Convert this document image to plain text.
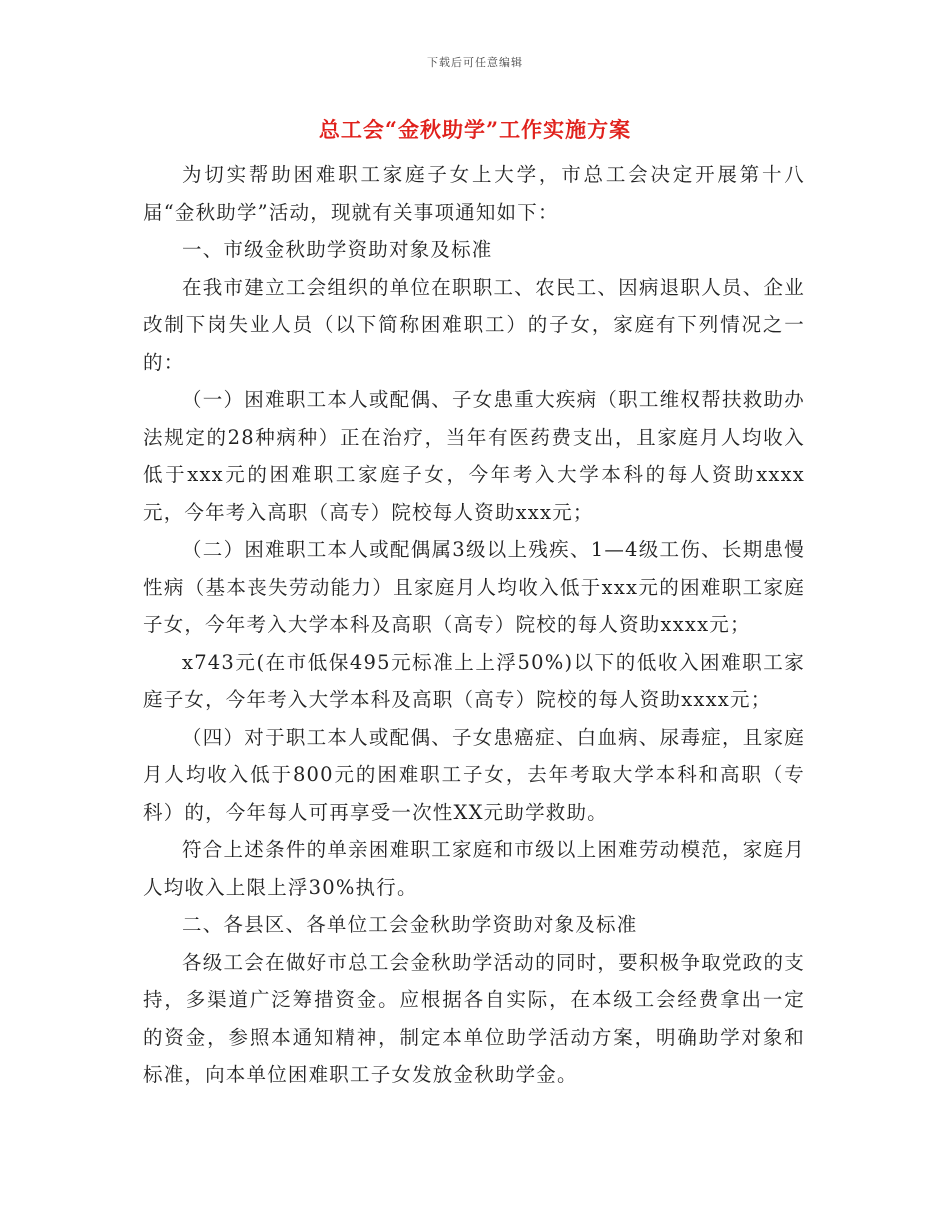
下载后可任意编辑
总工会“金秋助学”工作实施方案

为切实帮助困难职工家庭子女上大学，市总工会决定开展第十八届“金秋助学”活动，现就有关事项通知如下：

一、市级金秋助学资助对象及标准

在我市建立工会组织的单位在职职工、农民工、因病退职人员、企业改制下岗失业人员（以下简称困难职工）的子女，家庭有下列情况之一的：

（一）困难职工本人或配偶、子女患重大疾病（职工维权帮扶救助办法规定的28种病种）正在治疗，当年有医药费支出，且家庭月人均收入低于xxx元的困难职工家庭子女，今年考入大学本科的每人资助xxxx元，今年考入高职（高专）院校每人资助xxx元；

（二）困难职工本人或配偶属3级以上残疾、1—4级工伤、长期患慢性病（基本丧失劳动能力）且家庭月人均收入低于xxx元的困难职工家庭子女，今年考入大学本科及高职（高专）院校的每人资助xxxx元；

x743元(在市低保495元标准上上浮50%)以下的低收入困难职工家庭子女，今年考入大学本科及高职（高专）院校的每人资助xxxx元；

（四）对于职工本人或配偶、子女患癌症、白血病、尿毒症，且家庭月人均收入低于800元的困难职工子女，去年考取大学本科和高职（专科）的，今年每人可再享受一次性XX元助学救助。

符合上述条件的单亲困难职工家庭和市级以上困难劳动模范，家庭月人均收入上限上浮30%执行。

二、各县区、各单位工会金秋助学资助对象及标准

各级工会在做好市总工会金秋助学活动的同时，要积极争取党政的支持，多渠道广泛筹措资金。应根据各自实际，在本级工会经费拿出一定的资金，参照本通知精神，制定本单位助学活动方案，明确助学对象和标准，向本单位困难职工子女发放金秋助学金。
